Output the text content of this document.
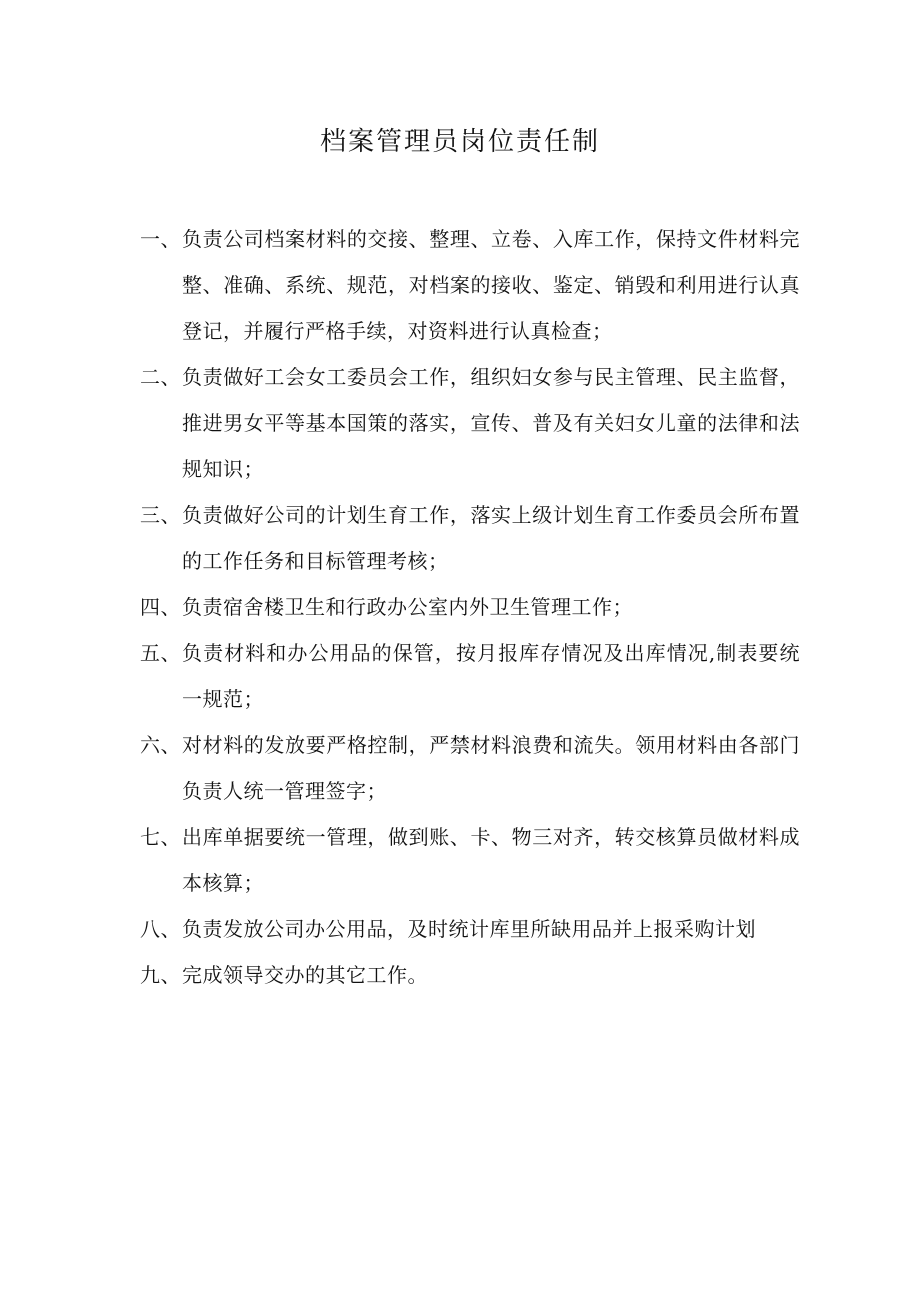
档案管理员岗位责任制
一、 负责公司档案材料的交接、整理、立卷、入库工作，保持文件材料完整、准确、系统、规范，对档案的接收、鉴定、销毁和利用进行认真登记，并履行严格手续，对资料进行认真检查；
二、 负责做好工会女工委员会工作，组织妇女参与民主管理、民主监督，推进男女平等基本国策的落实，宣传、普及有关妇女儿童的法律和法规知识；
三、 负责做好公司的计划生育工作，落实上级计划生育工作委员会所布置的工作任务和目标管理考核；
四、 负责宿舍楼卫生和行政办公室内外卫生管理工作；
五、 负责材料和办公用品的保管，按月报库存情况及出库情况,制表要统一规范；
六、 对材料的发放要严格控制，严禁材料浪费和流失。领用材料由各部门负责人统一管理签字；
七、 出库单据要统一管理，做到账、卡、物三对齐，转交核算员做材料成本核算；
八、 负责发放公司办公用品，及时统计库里所缺用品并上报采购计划
九、 完成领导交办的其它工作。
